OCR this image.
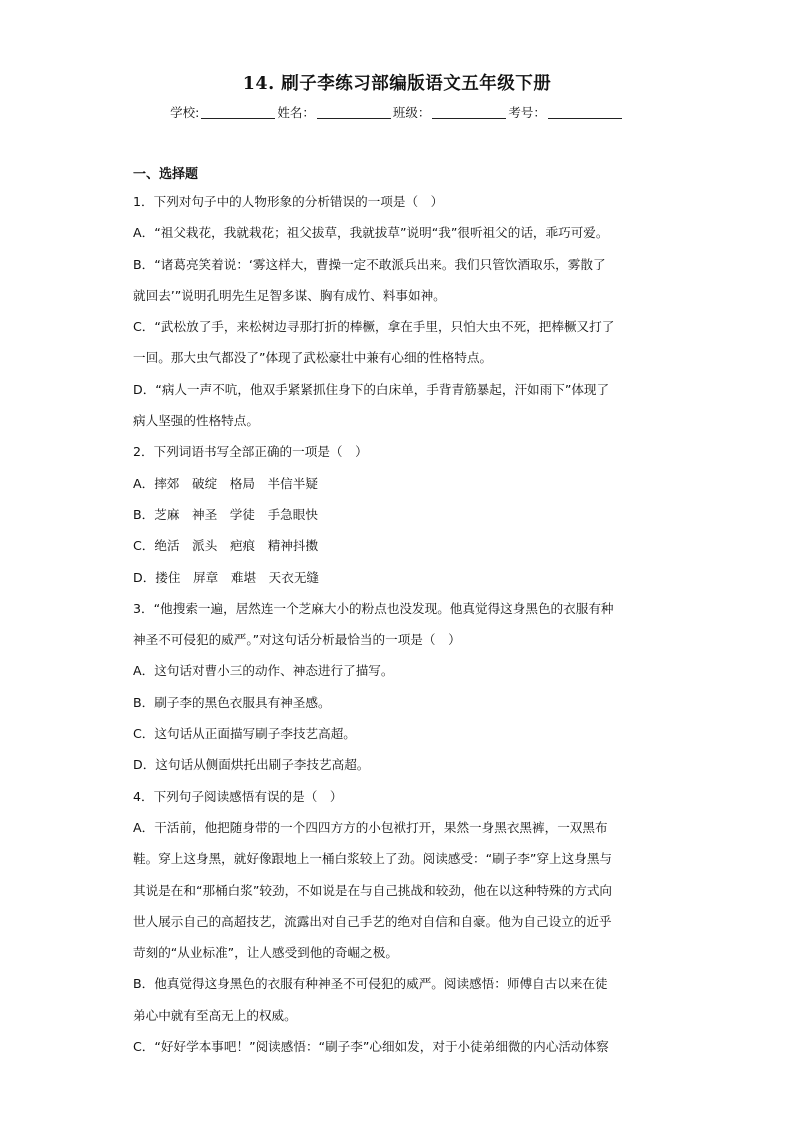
14. 刷子李练习部编版语文五年级下册
学校:	姓名：	班级：	考号：
一、选择题
1．下列对句子中的人物形象的分析错误的一项是（　）
A．“祖父栽花，我就栽花；祖父拔草，我就拔草”说明“我”很听祖父的话，乖巧可爱。
B．“诸葛亮笑着说：‘雾这样大，曹操一定不敢派兵出来。我们只管饮酒取乐，雾散了
就回去’”说明孔明先生足智多谋、胸有成竹、料事如神。
C．“武松放了手，来松树边寻那打折的棒橛，拿在手里，只怕大虫不死，把棒橛又打了
一回。那大虫气都没了”体现了武松豪壮中兼有心细的性格特点。
D．“病人一声不吭，他双手紧紧抓住身下的白床单，手背青筋暴起，汗如雨下”体现了
病人坚强的性格特点。
2．下列词语书写全部正确的一项是（　）
A．摔郊　破绽　格局　半信半疑
B．芝麻　神圣　学徒　手急眼快
C．绝活　派头　疤痕　精神抖擞
D．搂住　屏章　难堪　天衣无缝
3．“他搜索一遍，居然连一个芝麻大小的粉点也没发现。他真觉得这身黑色的衣服有种
神圣不可侵犯的威严。”对这句话分析最恰当的一项是（　）
A．这句话对曹小三的动作、神态进行了描写。
B．刷子李的黑色衣服具有神圣感。
C．这句话从正面描写刷子李技艺高超。
D．这句话从侧面烘托出刷子李技艺高超。
4．下列句子阅读感悟有误的是（　）
A．干活前，他把随身带的一个四四方方的小包袱打开，果然一身黑衣黑裤，一双黑布
鞋。穿上这身黑，就好像跟地上一桶白浆较上了劲。阅读感受：“刷子李”穿上这身黑与
其说是在和“那桶白浆”较劲，不如说是在与自己挑战和较劲，他在以这种特殊的方式向
世人展示自己的高超技艺，流露出对自己手艺的绝对自信和自豪。他为自己设立的近乎
苛刻的“从业标准”，让人感受到他的奇崛之极。
B．他真觉得这身黑色的衣服有种神圣不可侵犯的威严。阅读感悟：师傅自古以来在徒
弟心中就有至高无上的权威。
C．“好好学本事吧！”阅读感悟：“刷子李”心细如发，对于小徒弟细微的内心活动体察
